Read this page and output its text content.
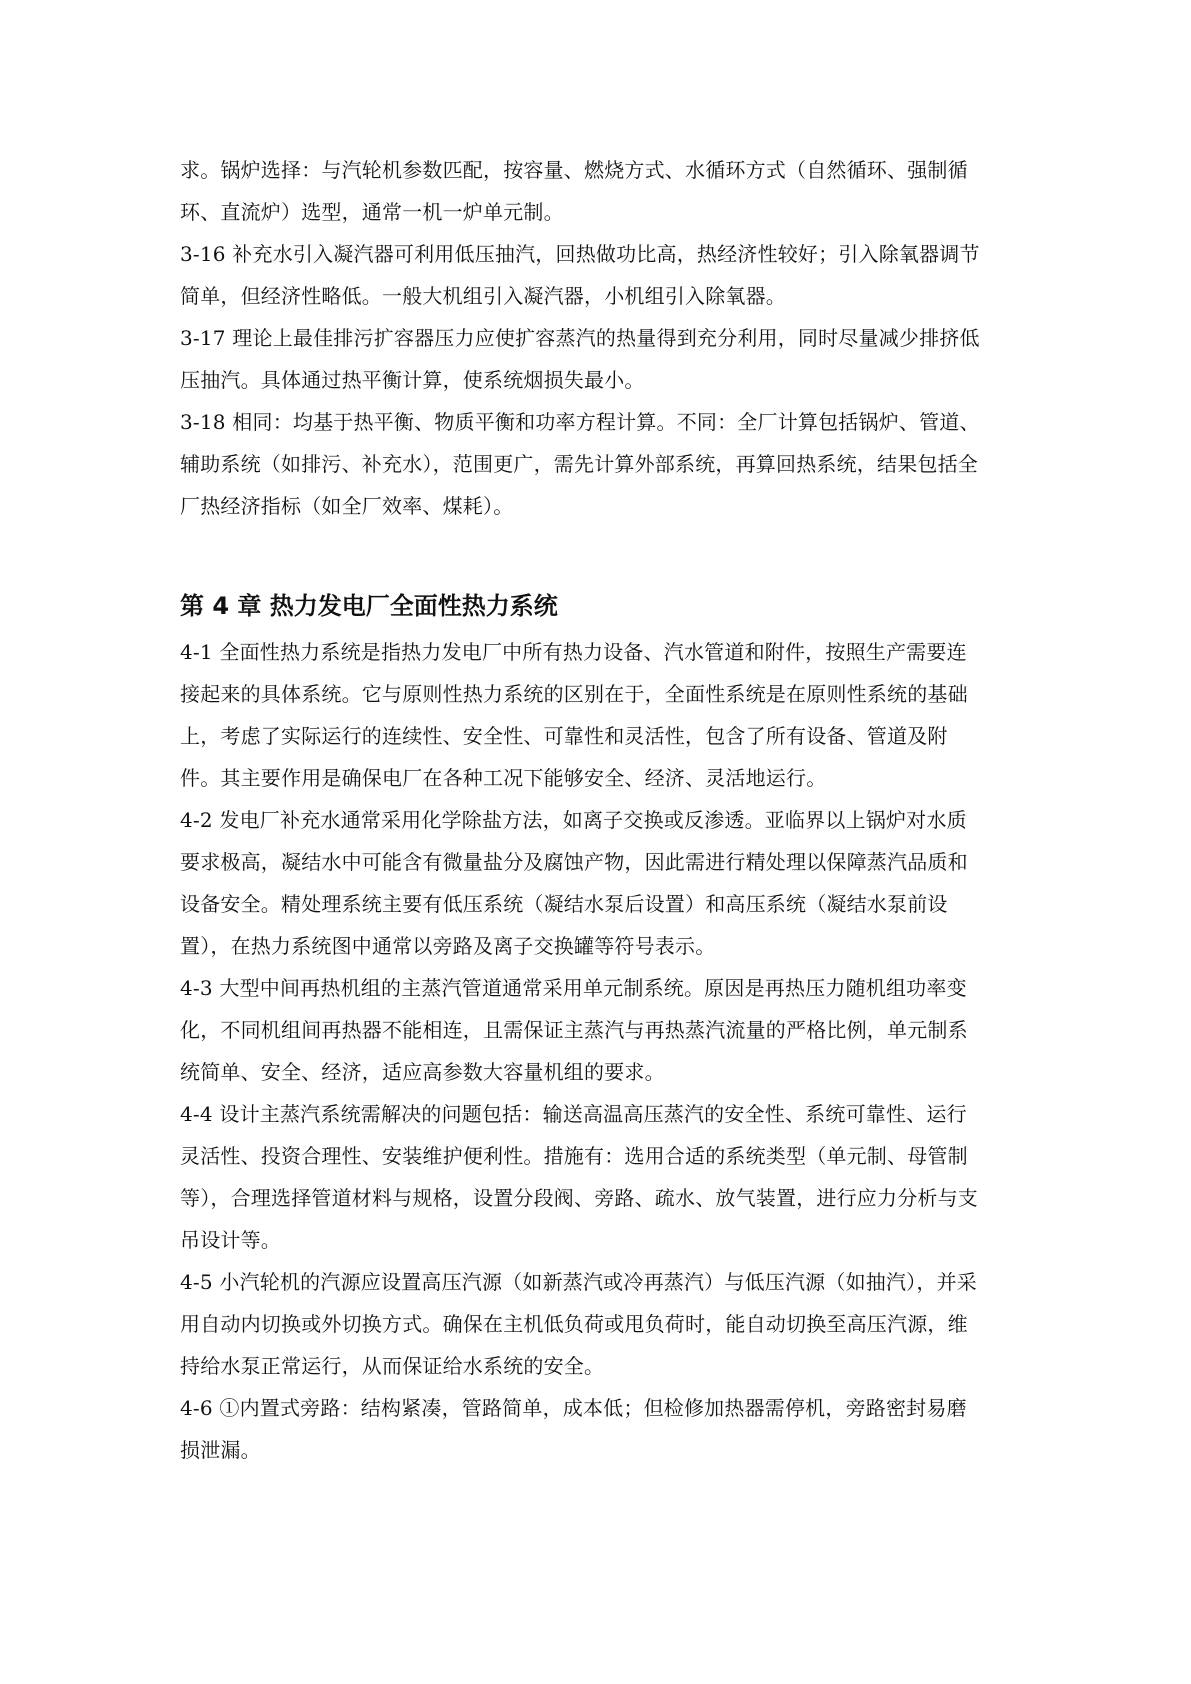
求。锅炉选择：与汽轮机参数匹配，按容量、燃烧方式、水循环方式（自然循环、强制循
环、直流炉）选型，通常一机一炉单元制。
3-16 补充水引入凝汽器可利用低压抽汽，回热做功比高，热经济性较好；引入除氧器调节
简单，但经济性略低。一般大机组引入凝汽器，小机组引入除氧器。
3-17 理论上最佳排污扩容器压力应使扩容蒸汽的热量得到充分利用，同时尽量减少排挤低
压抽汽。具体通过热平衡计算，使系统烟损失最小。
3-18 相同：均基于热平衡、物质平衡和功率方程计算。不同：全厂计算包括锅炉、管道、
辅助系统（如排污、补充水），范围更广，需先计算外部系统，再算回热系统，结果包括全
厂热经济指标（如全厂效率、煤耗）。
第 4 章 热力发电厂全面性热力系统
4-1 全面性热力系统是指热力发电厂中所有热力设备、汽水管道和附件，按照生产需要连
接起来的具体系统。它与原则性热力系统的区别在于，全面性系统是在原则性系统的基础
上，考虑了实际运行的连续性、安全性、可靠性和灵活性，包含了所有设备、管道及附
件。其主要作用是确保电厂在各种工况下能够安全、经济、灵活地运行。
4-2 发电厂补充水通常采用化学除盐方法，如离子交换或反渗透。亚临界以上锅炉对水质
要求极高，凝结水中可能含有微量盐分及腐蚀产物，因此需进行精处理以保障蒸汽品质和
设备安全。精处理系统主要有低压系统（凝结水泵后设置）和高压系统（凝结水泵前设
置），在热力系统图中通常以旁路及离子交换罐等符号表示。
4-3 大型中间再热机组的主蒸汽管道通常采用单元制系统。原因是再热压力随机组功率变
化，不同机组间再热器不能相连，且需保证主蒸汽与再热蒸汽流量的严格比例，单元制系
统简单、安全、经济，适应高参数大容量机组的要求。
4-4 设计主蒸汽系统需解决的问题包括：输送高温高压蒸汽的安全性、系统可靠性、运行
灵活性、投资合理性、安装维护便利性。措施有：选用合适的系统类型（单元制、母管制
等），合理选择管道材料与规格，设置分段阀、旁路、疏水、放气装置，进行应力分析与支
吊设计等。
4-5 小汽轮机的汽源应设置高压汽源（如新蒸汽或冷再蒸汽）与低压汽源（如抽汽），并采
用自动内切换或外切换方式。确保在主机低负荷或甩负荷时，能自动切换至高压汽源，维
持给水泵正常运行，从而保证给水系统的安全。
4-6 ①内置式旁路：结构紧凑，管路简单，成本低；但检修加热器需停机，旁路密封易磨
损泄漏。
